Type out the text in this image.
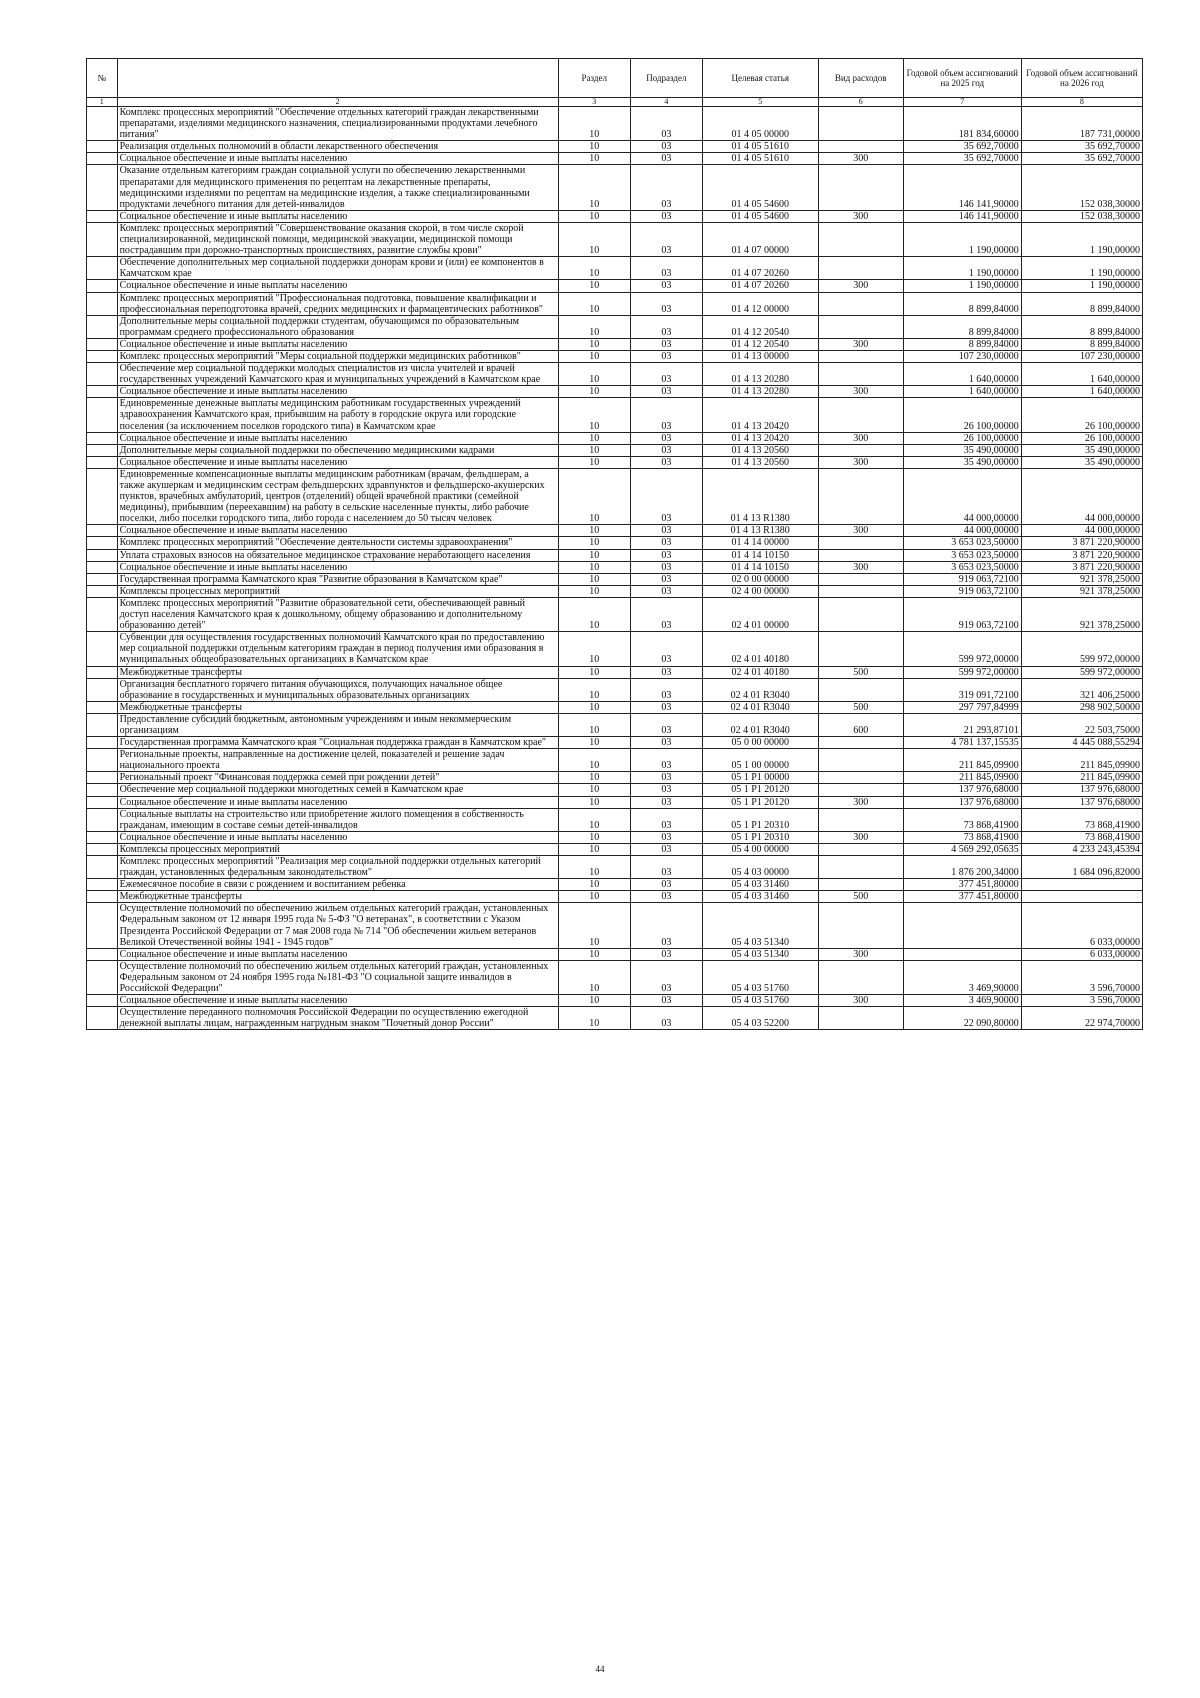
№		Раздел	Подраздел	Целевая статья	Вид расходов	Годовой объем ассигнований на 2025 год	Годовой объем ассигнований на 2026 год
1	2	3	4	5	6	7	8
	Комплекс процессных мероприятий "Обеспечение отдельных категорий граждан лекарственными препаратами, изделиями медицинского назначения, специализированными продуктами лечебного питания"	10	03	01 4 05 00000		181 834,60000	187 731,00000
	Реализация отдельных полномочий в области лекарственного обеспечения	10	03	01 4 05 51610		35 692,70000	35 692,70000
	Социальное обеспечение и иные выплаты населению	10	03	01 4 05 51610	300	35 692,70000	35 692,70000
	Оказание отдельным категориям граждан социальной услуги по обеспечению лекарственными препаратами для медицинского применения по рецептам на лекарственные препараты, медицинскими изделиями по рецептам на медицинские изделия, а также специализированными продуктами лечебного питания для детей-инвалидов	10	03	01 4 05 54600		146 141,90000	152 038,30000
	Социальное обеспечение и иные выплаты населению	10	03	01 4 05 54600	300	146 141,90000	152 038,30000
	Комплекс процессных мероприятий "Совершенствование оказания скорой, в том числе скорой специализированной, медицинской помощи, медицинской эвакуации, медицинской помощи пострадавшим при дорожно-транспортных происшествиях, развитие службы крови"	10	03	01 4 07 00000		1 190,00000	1 190,00000
	Обеспечение дополнительных мер социальной поддержки донорам крови и (или) ее компонентов в Камчатском крае	10	03	01 4 07 20260		1 190,00000	1 190,00000
	Социальное обеспечение и иные выплаты населению	10	03	01 4 07 20260	300	1 190,00000	1 190,00000
	Комплекс процессных мероприятий "Профессиональная подготовка, повышение квалификации и профессиональная переподготовка врачей, средних медицинских и фармацевтических работников"	10	03	01 4 12 00000		8 899,84000	8 899,84000
	Дополнительные меры социальной поддержки студентам, обучающимся по образовательным программам среднего профессионального образования	10	03	01 4 12 20540		8 899,84000	8 899,84000
	Социальное обеспечение и иные выплаты населению	10	03	01 4 12 20540	300	8 899,84000	8 899,84000
	Комплекс процессных мероприятий "Меры социальной поддержки медицинских работников"	10	03	01 4 13 00000		107 230,00000	107 230,00000
	Обеспечение мер социальной поддержки молодых специалистов из числа учителей и врачей государственных учреждений Камчатского края и муниципальных учреждений в Камчатском крае	10	03	01 4 13 20280		1 640,00000	1 640,00000
	Социальное обеспечение и иные выплаты населению	10	03	01 4 13 20280	300	1 640,00000	1 640,00000
	Единовременные денежные выплаты медицинским работникам государственных учреждений здравоохранения Камчатского края, прибывшим на работу в городские округа или городские поселения (за исключением поселков городского типа) в Камчатском крае	10	03	01 4 13 20420		26 100,00000	26 100,00000
	Социальное обеспечение и иные выплаты населению	10	03	01 4 13 20420	300	26 100,00000	26 100,00000
	Дополнительные меры социальной поддержки по обеспечению медицинскими кадрами	10	03	01 4 13 20560		35 490,00000	35 490,00000
	Социальное обеспечение и иные выплаты населению	10	03	01 4 13 20560	300	35 490,00000	35 490,00000
	Единовременные компенсационные выплаты медицинским работникам (врачам, фельдшерам, а также акушеркам и медицинским сестрам фельдшерских здравпунктов и фельдшерско-акушерских пунктов, врачебных амбулаторий, центров (отделений) общей врачебной практики (семейной медицины), прибывшим (переехавшим) на работу в сельские населенные пункты, либо рабочие поселки, либо поселки городского типа, либо города с населением до 50 тысяч человек	10	03	01 4 13 R1380		44 000,00000	44 000,00000
	Социальное обеспечение и иные выплаты населению	10	03	01 4 13 R1380	300	44 000,00000	44 000,00000
	Комплекс процессных мероприятий "Обеспечение деятельности системы здравоохранения"	10	03	01 4 14 00000		3 653 023,50000	3 871 220,90000
	Уплата страховых взносов на обязательное медицинское страхование неработающего населения	10	03	01 4 14 10150		3 653 023,50000	3 871 220,90000
	Социальное обеспечение и иные выплаты населению	10	03	01 4 14 10150	300	3 653 023,50000	3 871 220,90000
	Государственная программа Камчатского края "Развитие образования в Камчатском крае"	10	03	02 0 00 00000		919 063,72100	921 378,25000
	Комплексы процессных мероприятий	10	03	02 4 00 00000		919 063,72100	921 378,25000
	Комплекс процессных мероприятий "Развитие образовательной сети, обеспечивающей равный доступ населения Камчатского края к дошкольному, общему образованию и дополнительному образованию детей"	10	03	02 4 01 00000		919 063,72100	921 378,25000
	Субвенции для осуществления государственных полномочий Камчатского края по предоставлению мер социальной поддержки отдельным категориям граждан в период получения ими образования в муниципальных общеобразовательных организациях в Камчатском крае	10	03	02 4 01 40180		599 972,00000	599 972,00000
	Межбюджетные трансферты	10	03	02 4 01 40180	500	599 972,00000	599 972,00000
	Организация бесплатного горячего питания обучающихся, получающих начальное общее образование в государственных и муниципальных образовательных организациях	10	03	02 4 01 R3040		319 091,72100	321 406,25000
	Межбюджетные трансферты	10	03	02 4 01 R3040	500	297 797,84999	298 902,50000
	Предоставление субсидий бюджетным, автономным учреждениям и иным некоммерческим организациям	10	03	02 4 01 R3040	600	21 293,87101	22 503,75000
	Государственная программа Камчатского края "Социальная поддержка граждан в Камчатском крае"	10	03	05 0 00 00000		4 781 137,15535	4 445 088,55294
	Региональные проекты, направленные на достижение целей, показателей и решение задач национального проекта	10	03	05 1 00 00000		211 845,09900	211 845,09900
	Региональный проект "Финансовая поддержка семей при рождении детей"	10	03	05 1 P1 00000		211 845,09900	211 845,09900
	Обеспечение мер социальной поддержки многодетных семей в Камчатском крае	10	03	05 1 P1 20120		137 976,68000	137 976,68000
	Социальное обеспечение и иные выплаты населению	10	03	05 1 P1 20120	300	137 976,68000	137 976,68000
	Социальные выплаты на строительство или приобретение жилого помещения в собственность гражданам, имеющим в составе семьи детей-инвалидов	10	03	05 1 P1 20310		73 868,41900	73 868,41900
	Социальное обеспечение и иные выплаты населению	10	03	05 1 P1 20310	300	73 868,41900	73 868,41900
	Комплексы процессных мероприятий	10	03	05 4 00 00000		4 569 292,05635	4 233 243,45394
	Комплекс процессных мероприятий "Реализация мер социальной поддержки отдельных категорий граждан, установленных федеральным законодательством"	10	03	05 4 03 00000		1 876 200,34000	1 684 096,82000
	Ежемесячное пособие в связи с рождением и воспитанием ребенка	10	03	05 4 03 31460		377 451,80000	
	Межбюджетные трансферты	10	03	05 4 03 31460	500	377 451,80000	
	Осуществление полномочий по обеспечению жильем отдельных категорий граждан, установленных Федеральным законом от 12 января 1995 года № 5-ФЗ "О ветеранах", в соответствии с Указом Президента Российской Федерации от 7 мая 2008 года № 714 "Об обеспечении жильем ветеранов Великой Отечественной войны 1941 - 1945 годов"	10	03	05 4 03 51340			6 033,00000
	Социальное обеспечение и иные выплаты населению	10	03	05 4 03 51340	300		6 033,00000
	Осуществление полномочий по обеспечению жильем отдельных категорий граждан, установленных Федеральным законом от 24 ноября 1995 года №181-ФЗ "О социальной защите инвалидов в Российской Федерации"	10	03	05 4 03 51760		3 469,90000	3 596,70000
	Социальное обеспечение и иные выплаты населению	10	03	05 4 03 51760	300	3 469,90000	3 596,70000
	Осуществление переданного полномочия Российской Федерации по осуществлению ежегодной денежной выплаты лицам, награжденным нагрудным знаком "Почетный донор России"	10	03	05 4 03 52200		22 090,80000	22 974,70000
44
